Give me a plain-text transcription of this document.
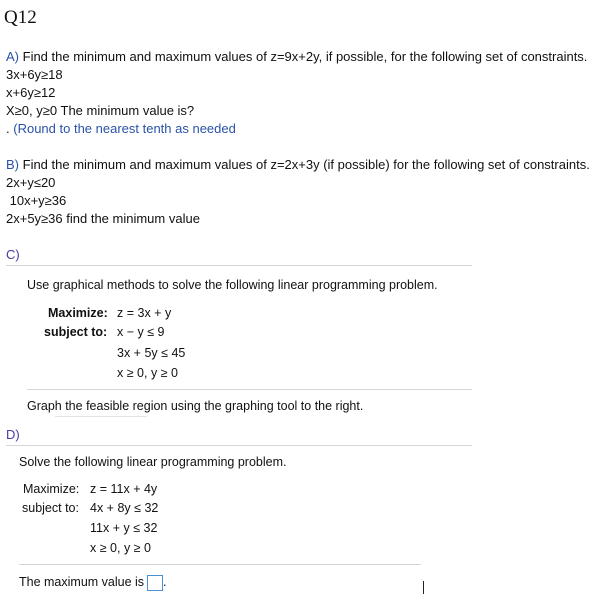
Q12
A) Find the minimum and maximum values of z=9x+2y, if possible, for the following set of constraints.
3x+6y≥18
x+6y≥12
X≥0, y≥0 The minimum value is?
. (Round to the nearest tenth as needed
B) Find the minimum and maximum values of z=2x+3y (if possible) for the following set of constraints.
2x+y≤20
10x+y≥36
2x+5y≥36 find the minimum value
C)
Use graphical methods to solve the following linear programming problem.
Maximize: z = 3x + y
subject to: x − y ≤ 9
3x + 5y ≤ 45
x ≥ 0, y ≥ 0
Graph the feasible region using the graphing tool to the right.
D)
Solve the following linear programming problem.
Maximize: z = 11x + 4y
subject to: 4x + 8y ≤ 32
11x + y ≤ 32
x ≥ 0, y ≥ 0
The maximum value is .
